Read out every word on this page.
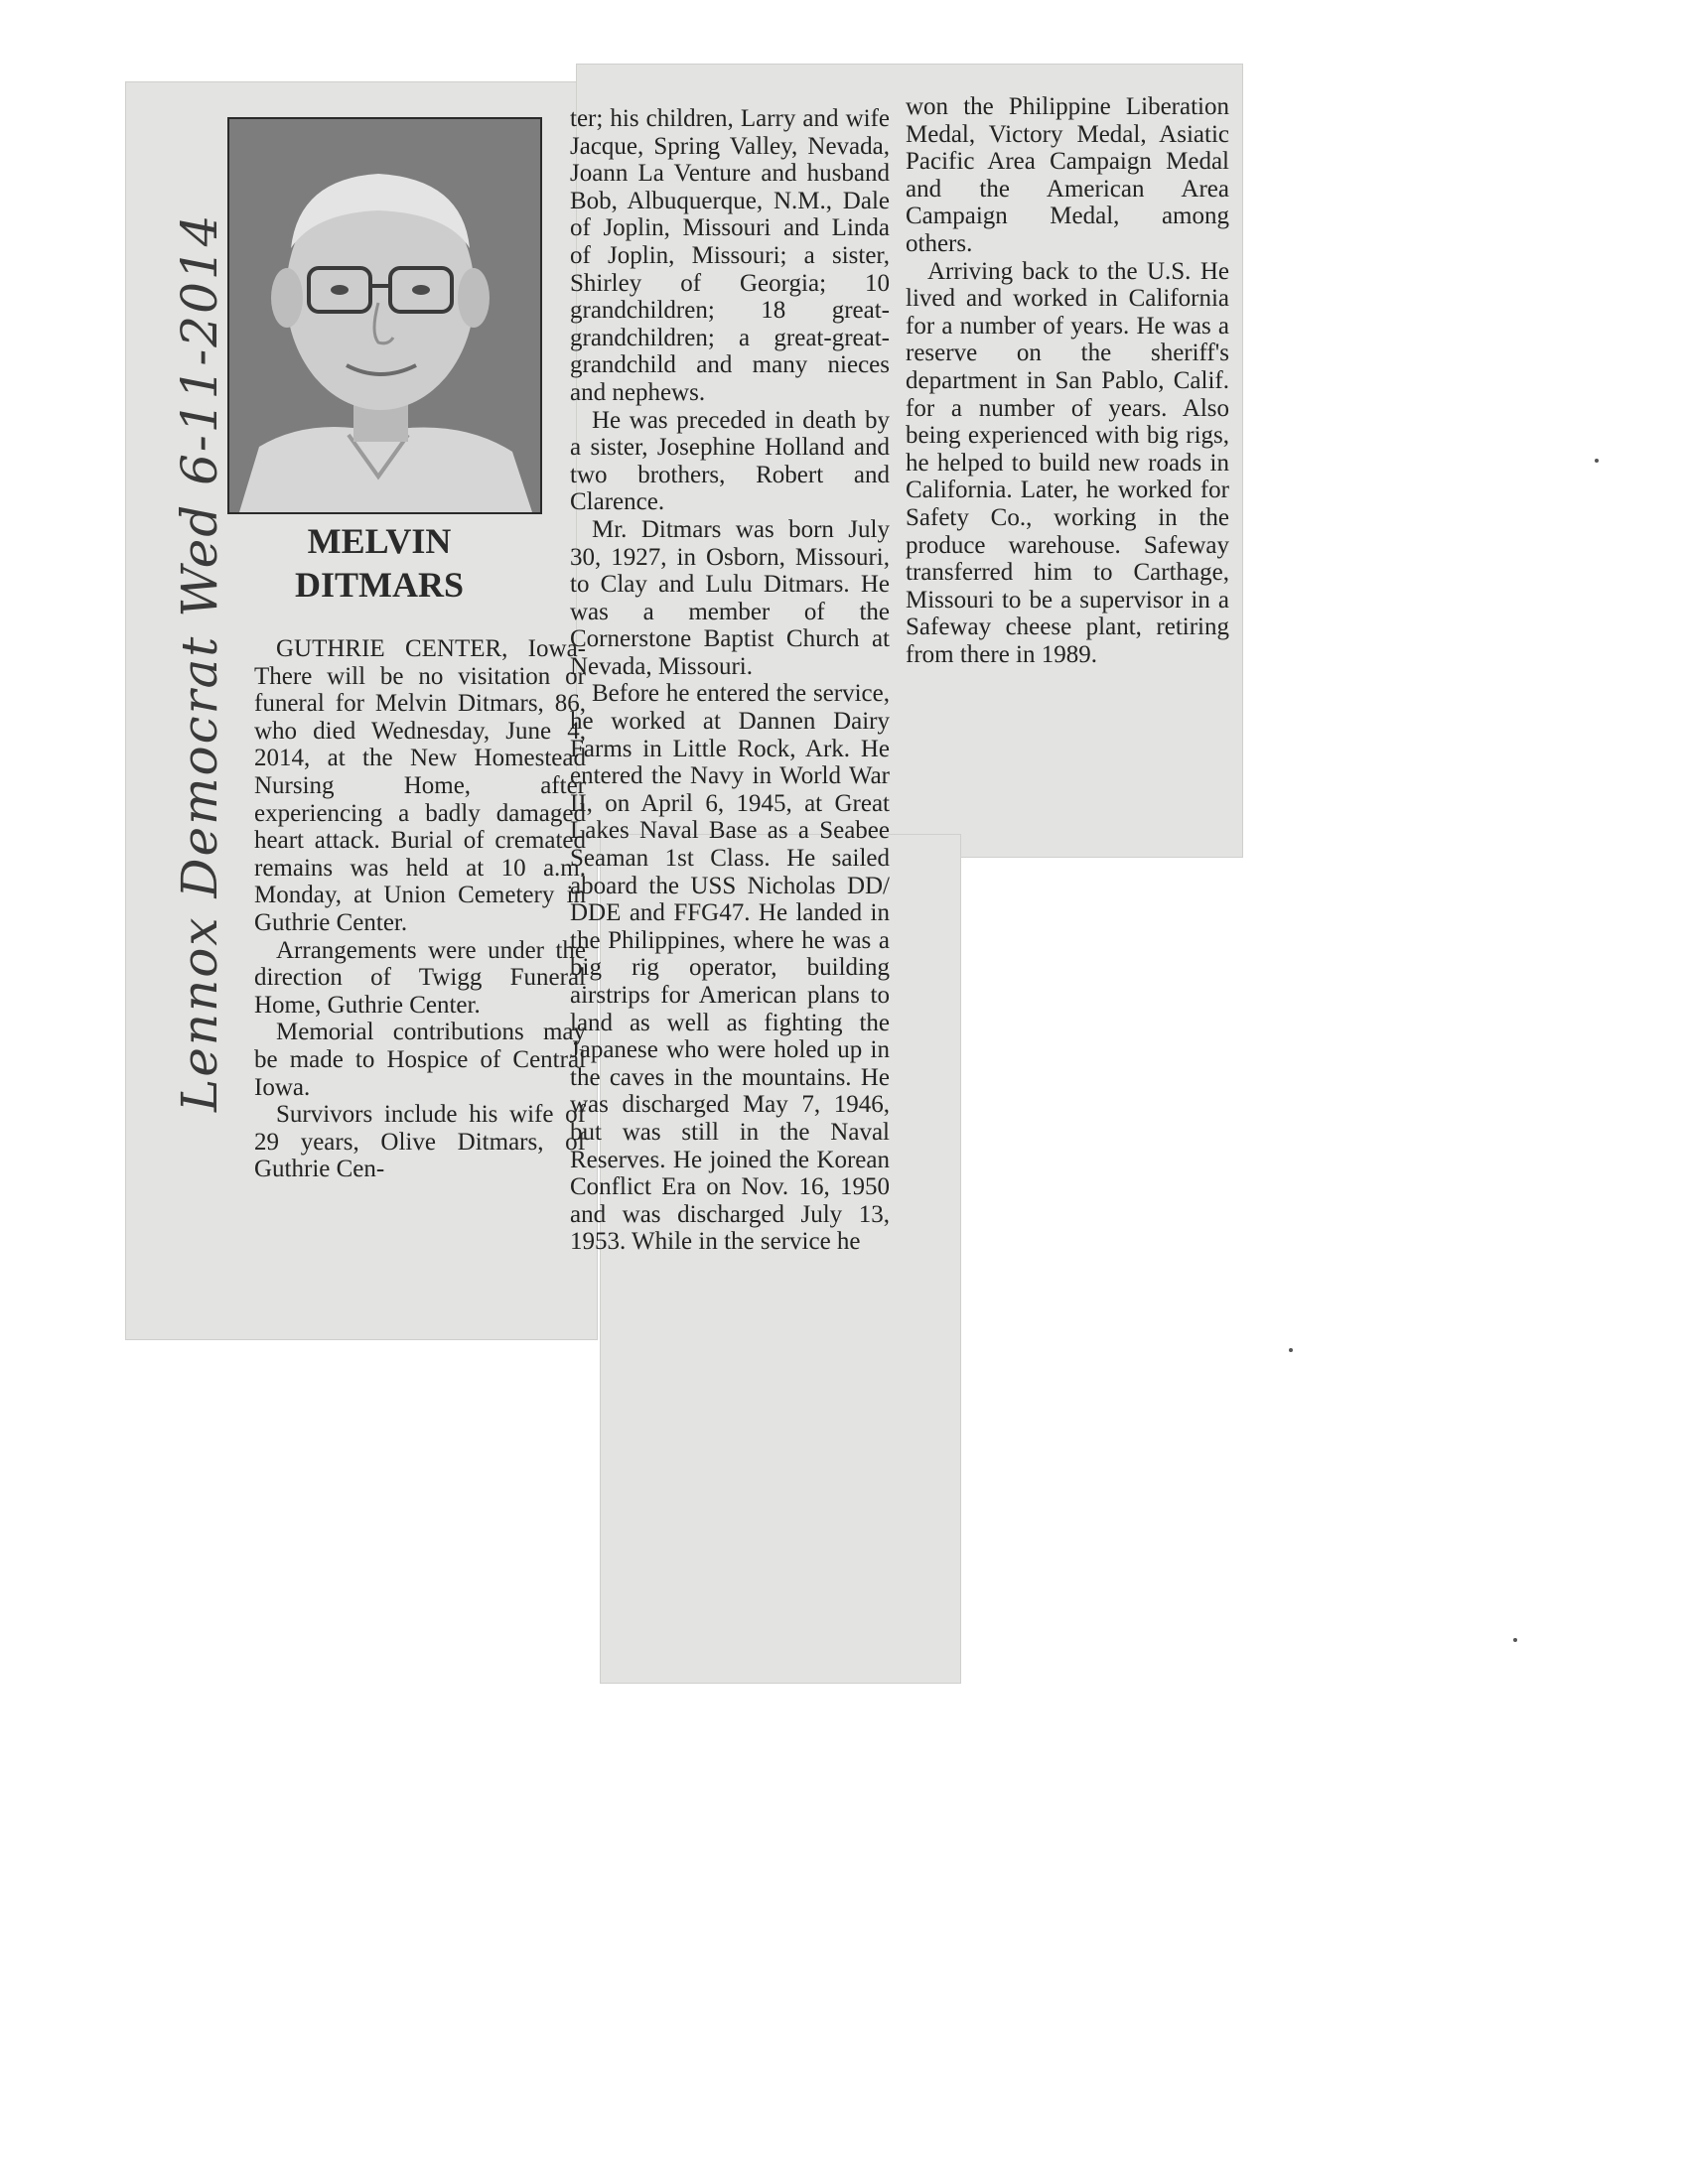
MELVIN
DITMARS
Lennox Democrat Wed 6-11-2014	GUTHRIE CENTER, Iowa-There will be no visitation or funeral for Melvin Ditmars, 86, who died Wednesday, June 4, 2014, at the New Homestead Nursing Home, after experiencing a badly damaged heart attack. Burial of cremated remains was held at 10 a.m. Monday, at Union Cemetery in Guthrie Center.

Arrangements were under the direction of Twigg Funeral Home, Guthrie Center.

Memorial contributions may be made to Hospice of Central Iowa.

Survivors include his wife of 29 years, Olive Ditmars, of Guthrie Cen-

ter; his children, Larry and wife Jacque, Spring Valley, Nevada, Joann La Venture and husband Bob, Albuquerque, N.M., Dale of Joplin, Missouri and Linda of Joplin, Missouri; a sister, Shirley of Georgia; 10 grandchildren; 18 great-grandchildren; a great-great-grandchild and many nieces and nephews.

He was preceded in death by a sister, Josephine Holland and two brothers, Robert and Clarence.

Mr. Ditmars was born July 30, 1927, in Osborn, Missouri, to Clay and Lulu Ditmars. He was a member of the Cornerstone Baptist Church at Nevada, Missouri.

Before he entered the service, he worked at Dannen Dairy Farms in Little Rock, Ark. He entered the Navy in World War II, on April 6, 1945, at Great Lakes Naval Base as a Seabee Seaman 1st Class. He sailed aboard the USS Nicholas DD/ DDE and FFG47. He landed in the Philippines, where he was a big rig operator, building airstrips for American plans to land as well as fighting the Japanese who were holed up in the caves in the mountains. He was discharged May 7, 1946, but was still in the Naval Reserves. He joined the Korean Conflict Era on Nov. 16, 1950 and was discharged July 13, 1953. While in the service he

won the Philippine Liberation Medal, Victory Medal, Asiatic Pacific Area Campaign Medal and the American Area Campaign Medal, among others.

Arriving back to the U.S. He lived and worked in California for a number of years. He was a reserve on the sheriff's department in San Pablo, Calif. for a number of years. Also being experienced with big rigs, he helped to build new roads in California. Later, he worked for Safety Co., working in the produce warehouse. Safeway transferred him to Carthage, Missouri to be a supervisor in a Safeway cheese plant, retiring from there in 1989.
